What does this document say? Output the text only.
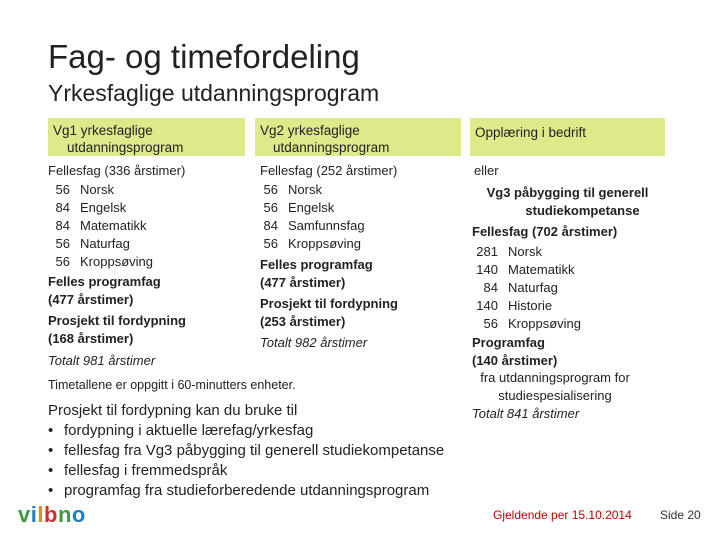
Fag- og timefordeling
Yrkesfaglige utdanningsprogram
Vg1 yrkesfaglige
utdanningsprogram
Vg2 yrkesfaglige
utdanningsprogram
Opplæring i bedrift
Fellesfag (336 årstimer)
56 Norsk
84 Engelsk
84 Matematikk
56 Naturfag
56 Kroppsøving
Felles programfag
(477 årstimer)
Prosjekt til fordypning
(168 årstimer)
Totalt 981 årstimer
Fellesfag (252 årstimer)
56 Norsk
56 Engelsk
84 Samfunnsfag
56 Kroppsøving
Felles programfag
(477 årstimer)
Prosjekt til fordypning
(253 årstimer)
Totalt 982 årstimer
eller
Vg3 påbygging til generell
studiekompetanse
Fellesfag (702 årstimer)
281 Norsk
140 Matematikk
84 Naturfag
140 Historie
56 Kroppsøving
Programfag
(140 årstimer)
fra utdanningsprogram for
studiespesialisering
Totalt 841 årstimer
Timetallene er oppgitt i 60-minutters enheter.
Prosjekt til fordypning kan du bruke til
• fordypning i aktuelle lærefag/yrkesfag
• fellesfag fra Vg3 påbygging til generell studiekompetanse
• fellesfag i fremmedspråk
• programfag fra studieforberedende utdanningsprogram
vilbno	Gjeldende per 15.10.2014 Side 20
